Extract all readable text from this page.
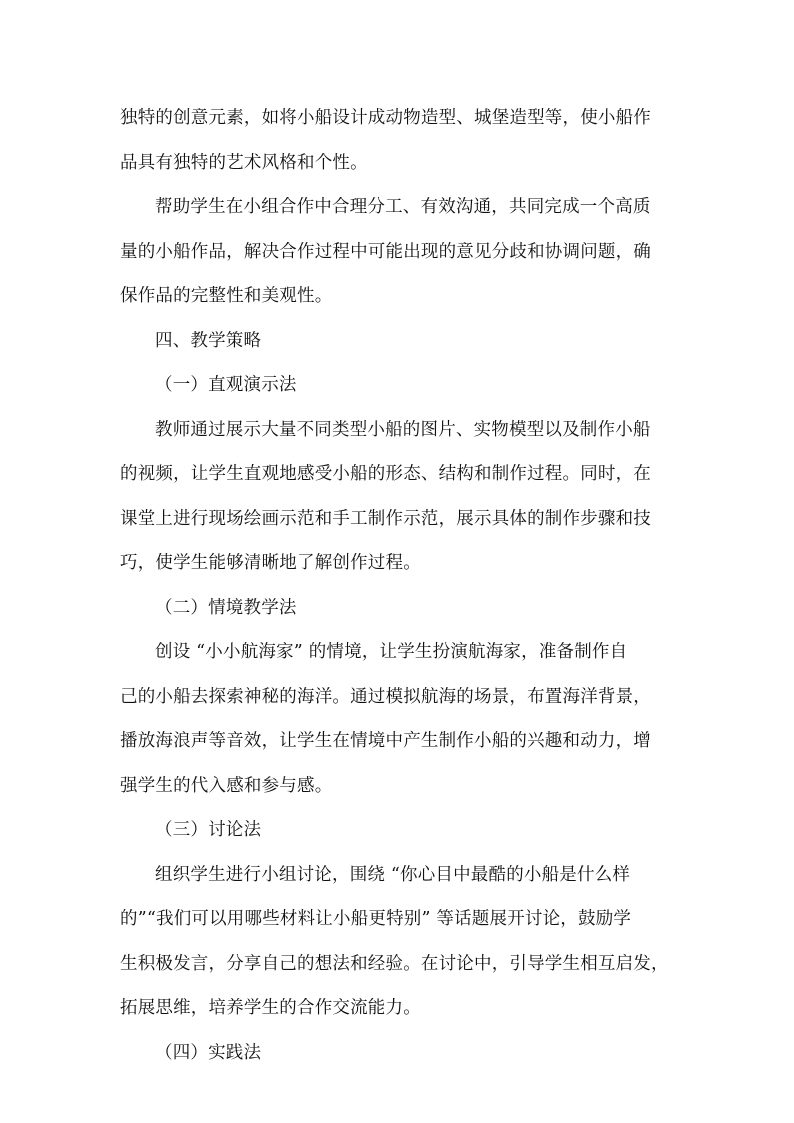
独特的创意元素，如将小船设计成动物造型、城堡造型等，使小船作
品具有独特的艺术风格和个性。
帮助学生在小组合作中合理分工、有效沟通，共同完成一个高质
量的小船作品，解决合作过程中可能出现的意见分歧和协调问题，确
保作品的完整性和美观性。
四、教学策略
（一）直观演示法
教师通过展示大量不同类型小船的图片、实物模型以及制作小船
的视频，让学生直观地感受小船的形态、结构和制作过程。同时，在
课堂上进行现场绘画示范和手工制作示范，展示具体的制作步骤和技
巧，使学生能够清晰地了解创作过程。
（二）情境教学法
创设 “小小航海家” 的情境，让学生扮演航海家，准备制作自
己的小船去探索神秘的海洋。通过模拟航海的场景，布置海洋背景，
播放海浪声等音效，让学生在情境中产生制作小船的兴趣和动力，增
强学生的代入感和参与感。
（三）讨论法
组织学生进行小组讨论，围绕 “你心目中最酷的小船是什么样
的”“我们可以用哪些材料让小船更特别” 等话题展开讨论，鼓励学
生积极发言，分享自己的想法和经验。在讨论中，引导学生相互启发，
拓展思维，培养学生的合作交流能力。
（四）实践法
